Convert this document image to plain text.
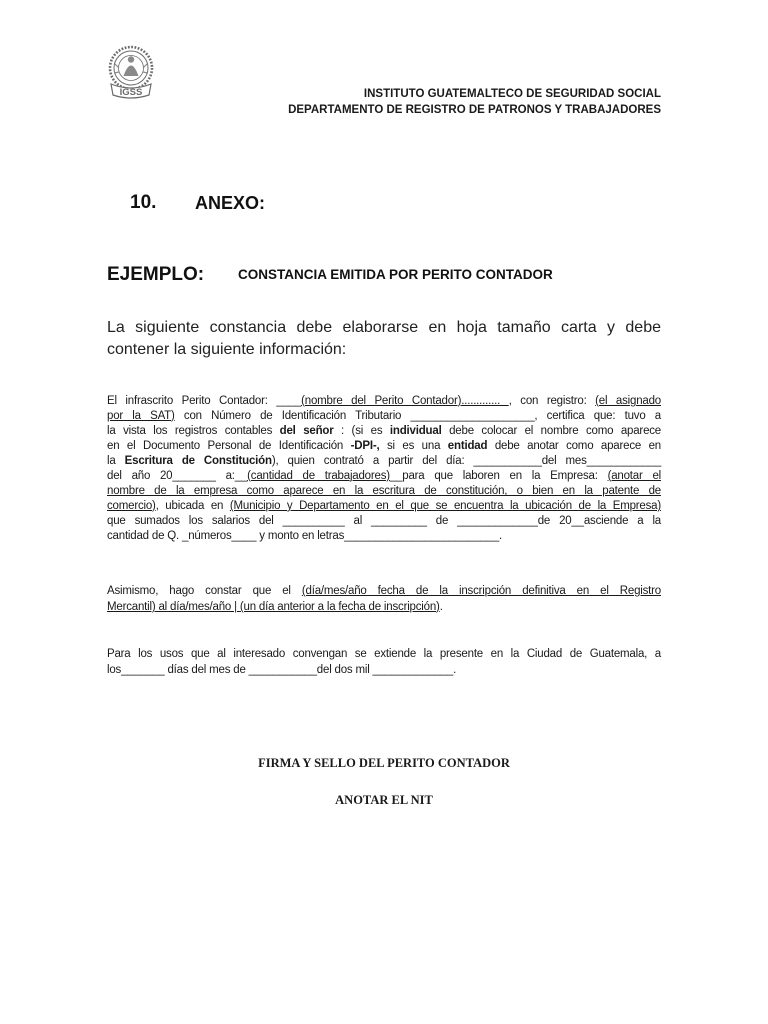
IGSS	INSTITUTO GUATEMALTECO DE SEGURIDAD SOCIAL
DEPARTAMENTO DE REGISTRO DE PATRONOS Y TRABAJADORES
10. ANEXO:
EJEMPLO:	CONSTANCIA EMITIDA POR PERITO CONTADOR
La siguiente constancia debe elaborarse en hoja tamaño carta y debe
contener la siguiente información:
El infrascrito Perito Contador: ____(nombre del Perito Contador)............. , con registro: (el asignado
por la SAT) con Número de Identificación Tributario ____________________, certifica que: tuvo a
la vista los registros contables del señor : (si es individual debe colocar el nombre como aparece
en el Documento Personal de Identificación -DPI-, si es una entidad debe anotar como aparece en
la Escritura de Constitución), quien contrató a partir del día: ___________del mes____________
del año 20_______ a:__(cantidad de trabajadores)__para que laboren en la Empresa: (anotar el
nombre de la empresa como aparece en la escritura de constitución, o bien en la patente de
comercio), ubicada en (Municipio y Departamento en el que se encuentra la ubicación de la Empresa)
que sumados los salarios del __________ al _________ de _____________de 20__asciende a la
cantidad de Q. _números____ y monto en letras_________________________.
Asimismo, hago constar que el (día/mes/año fecha de la inscripción definitiva en el Registro
Mercantil) al día/mes/año | (un día anterior a la fecha de inscripción).
Para los usos que al interesado convengan se extiende la presente en la Ciudad de Guatemala, a
los_______ días del mes de ___________del dos mil _____________.
FIRMA Y SELLO DEL PERITO CONTADOR
ANOTAR EL NIT
